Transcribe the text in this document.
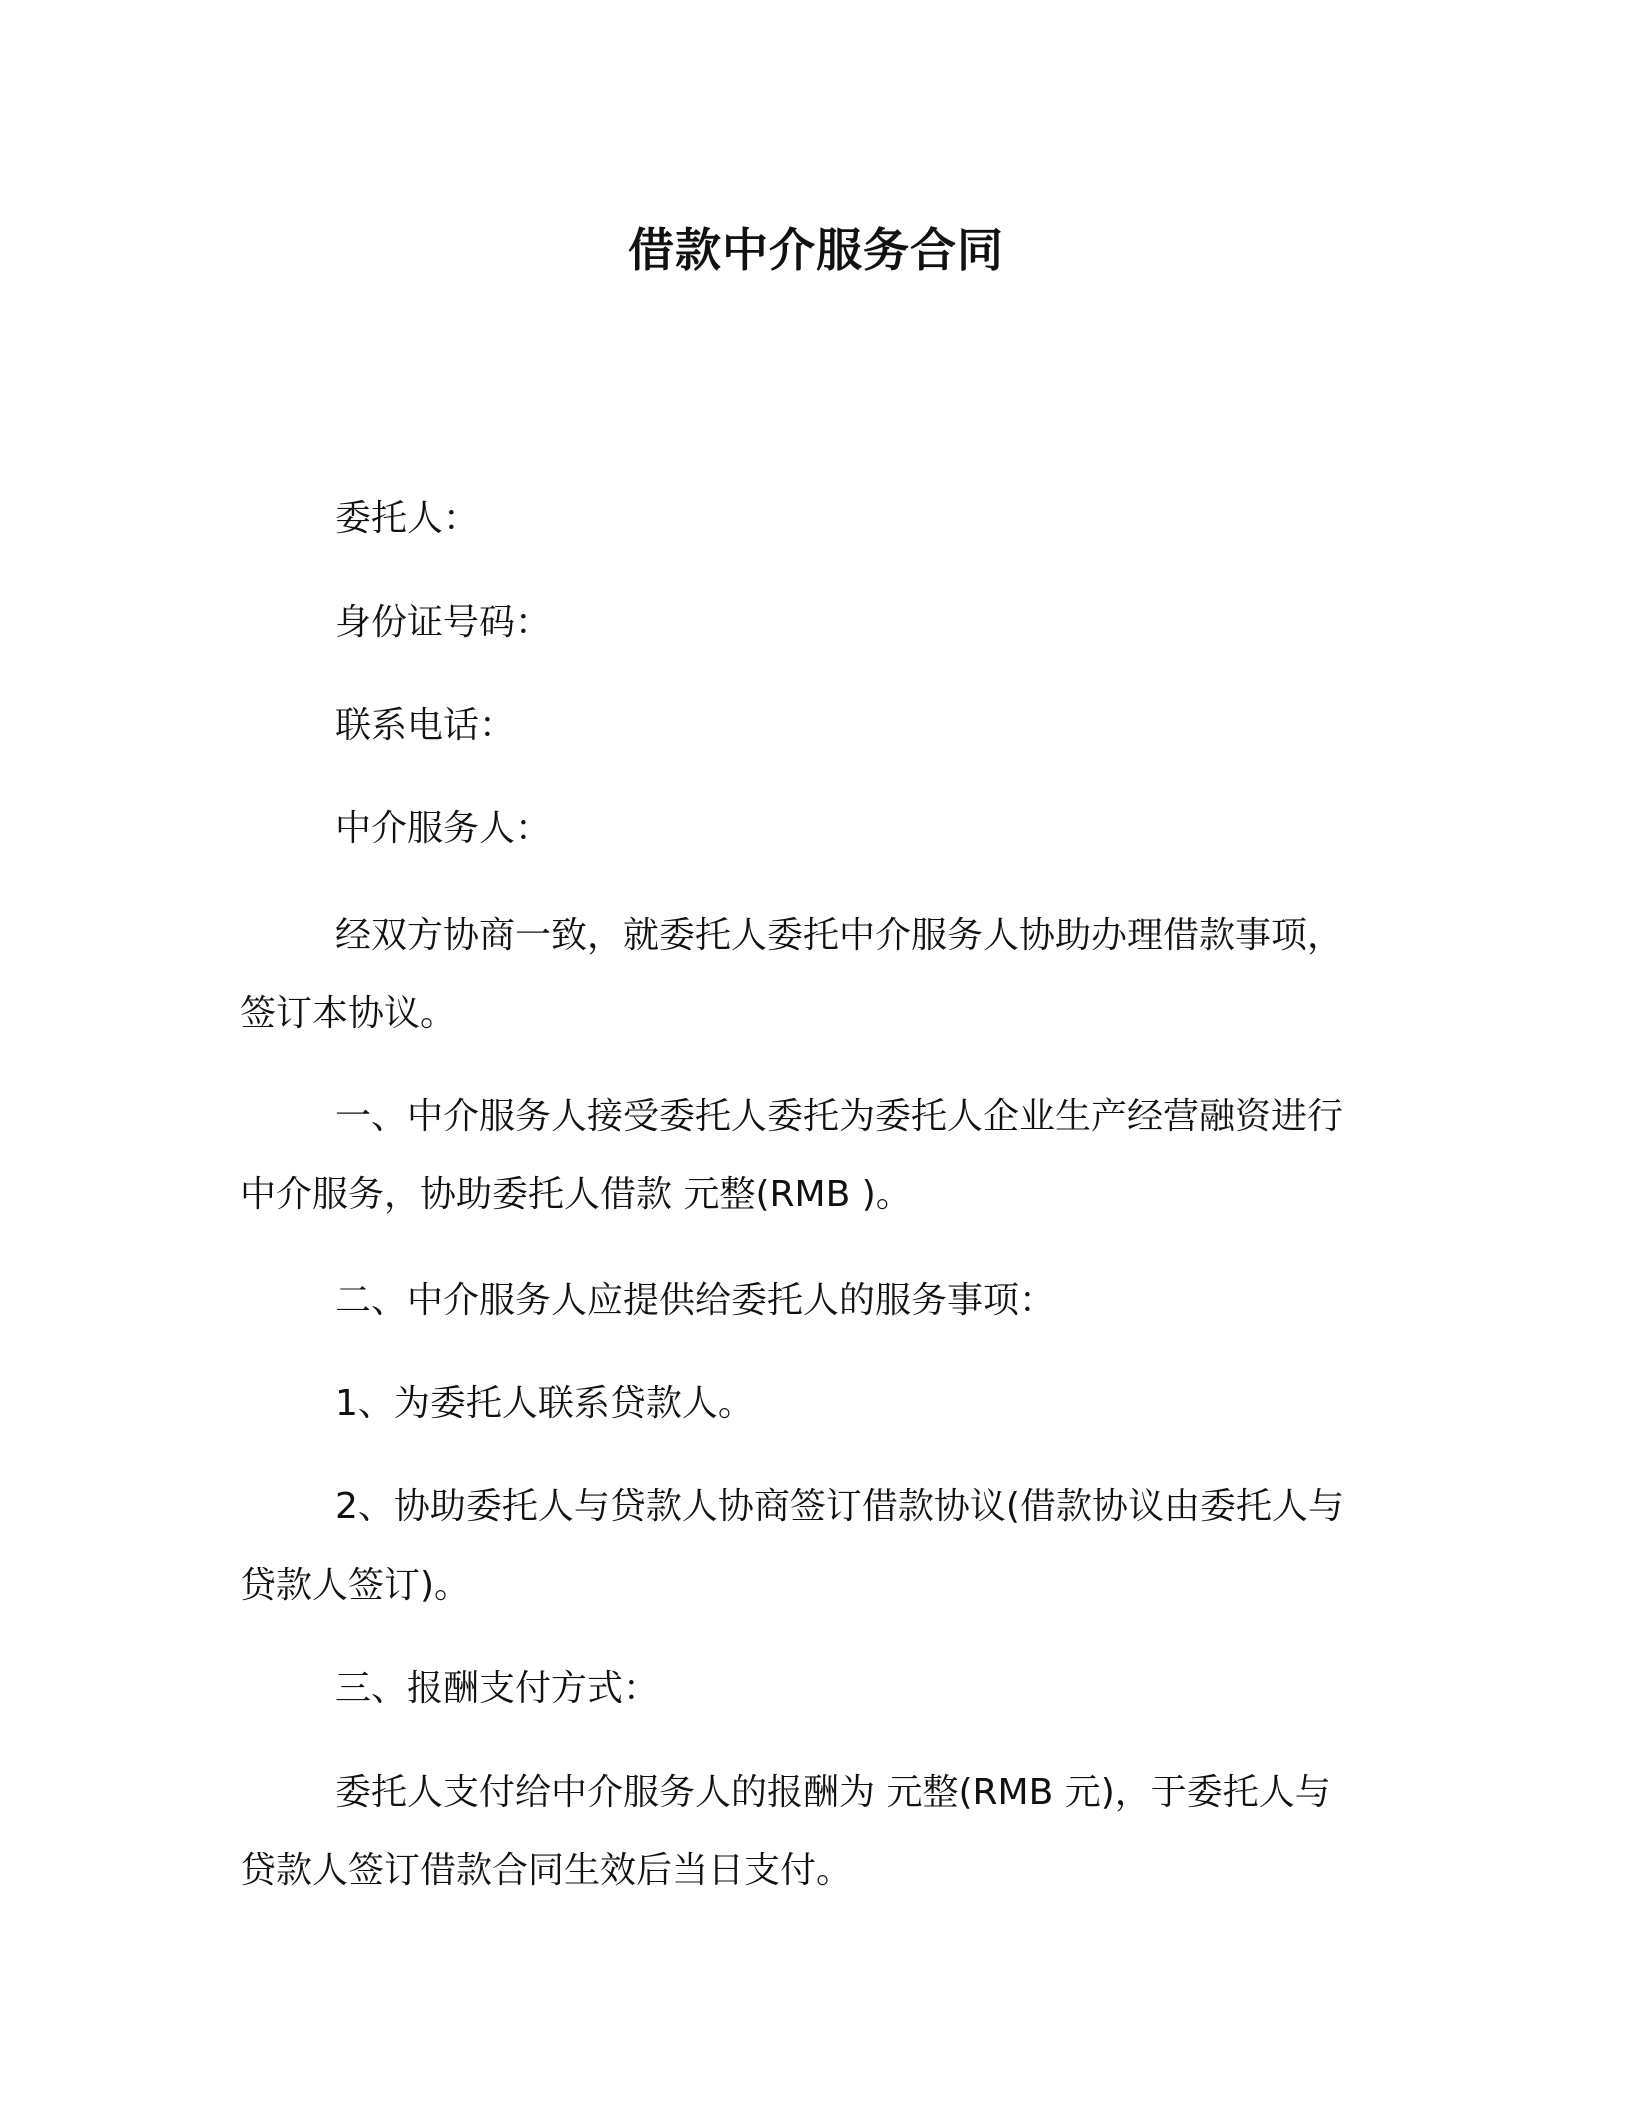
借款中介服务合同
委托人：
身份证号码：
联系电话：
中介服务人：
经双方协商一致，就委托人委托中介服务人协助办理借款事项，
签订本协议。
一、中介服务人接受委托人委托为委托人企业生产经营融资进行
中介服务，协助委托人借款 元整(RMB )。
二、中介服务人应提供给委托人的服务事项：
1、为委托人联系贷款人。
2、协助委托人与贷款人协商签订借款协议(借款协议由委托人与
贷款人签订)。
三、报酬支付方式：
委托人支付给中介服务人的报酬为 元整(RMB 元)，于委托人与
贷款人签订借款合同生效后当日支付。
